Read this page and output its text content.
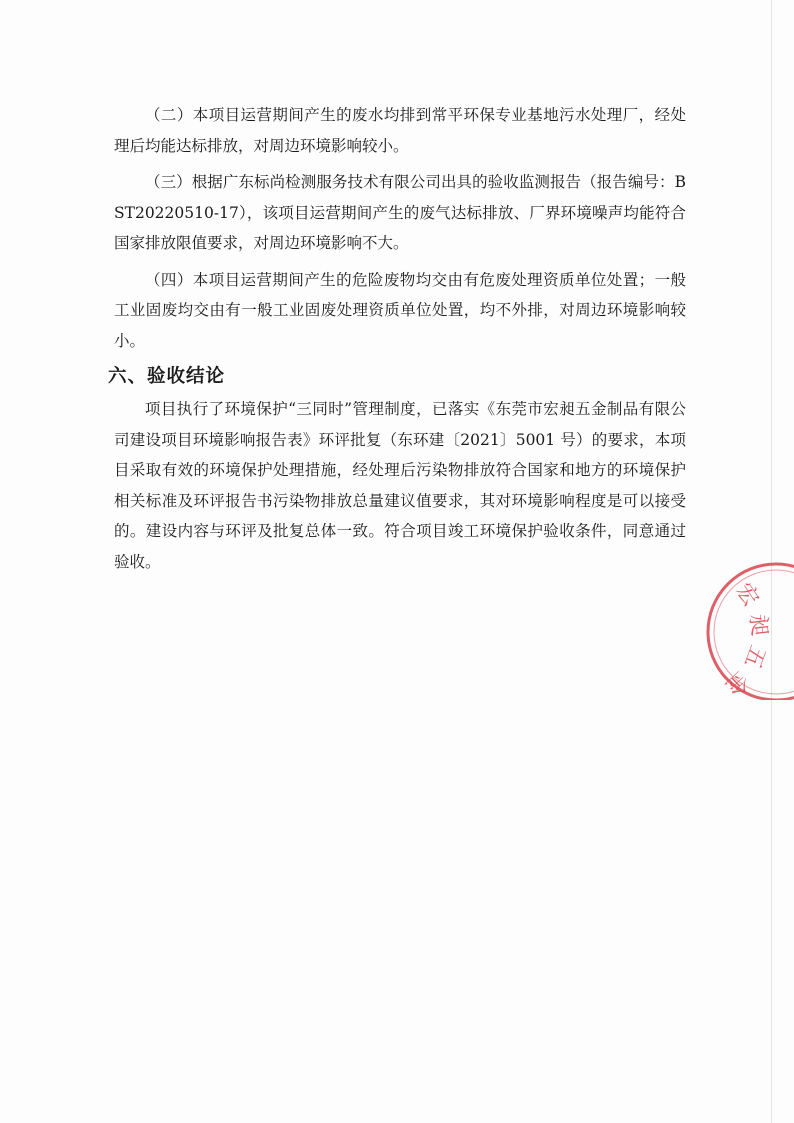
（二）本项目运营期间产生的废水均排到常平环保专业基地污水处理厂，经处理后均能达标排放，对周边环境影响较小。

（三）根据广东标尚检测服务技术有限公司出具的验收监测报告（报告编号：BST20220510-17），该项目运营期间产生的废气达标排放、厂界环境噪声均能符合国家排放限值要求，对周边环境影响不大。

（四）本项目运营期间产生的危险废物均交由有危废处理资质单位处置；一般工业固废均交由有一般工业固废处理资质单位处置，均不外排，对周边环境影响较小。

六、验收结论

项目执行了环境保护“三同时”管理制度，已落实《东莞市宏昶五金制品有限公司建设项目环境影响报告表》环评批复（东环建〔2021〕5001 号）的要求，本项目采取有效的环境保护处理措施，经处理后污染物排放符合国家和地方的环境保护相关标准及环评报告书污染物排放总量建议值要求，其对环境影响程度是可以接受的。建设内容与环评及批复总体一致。符合项目竣工环境保护验收条件，同意通过验收。

宏 昶 五 金
